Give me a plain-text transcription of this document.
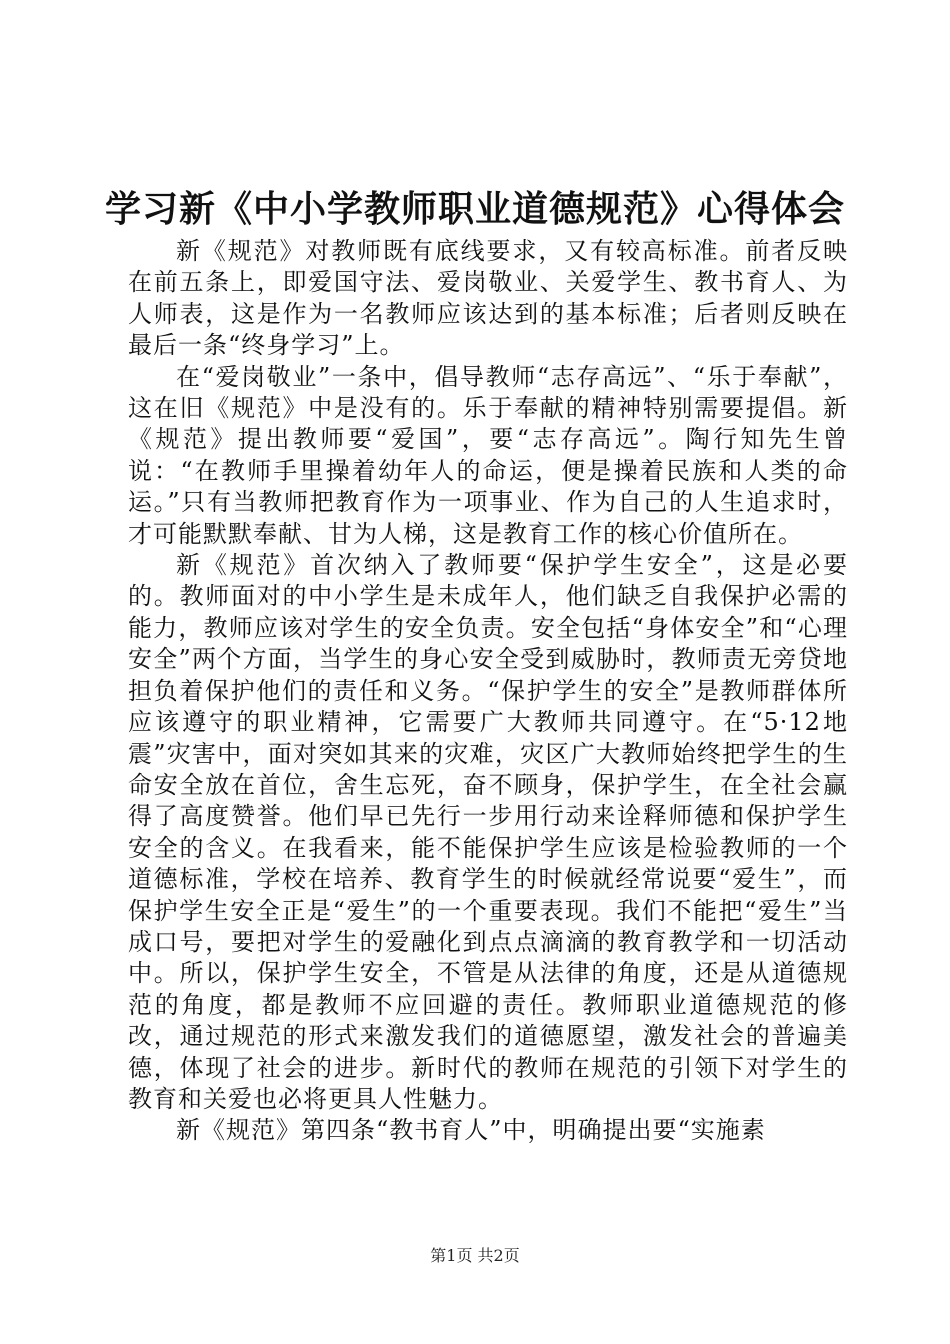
学习新《中小学教师职业道德规范》心得体会

新《规范》对教师既有底线要求，又有较高标准。前者反映在前五条上，即爱国守法、爱岗敬业、关爱学生、教书育人、为人师表，这是作为一名教师应该达到的基本标准；后者则反映在最后一条“终身学习”上。

在“爱岗敬业”一条中，倡导教师“志存高远”、“乐于奉献”，这在旧《规范》中是没有的。乐于奉献的精神特别需要提倡。新《规范》提出教师要“爱国”，要“志存高远”。陶行知先生曾说：“在教师手里操着幼年人的命运，便是操着民族和人类的命运。”只有当教师把教育作为一项事业、作为自己的人生追求时，才可能默默奉献、甘为人梯，这是教育工作的核心价值所在。

新《规范》首次纳入了教师要“保护学生安全”，这是必要的。教师面对的中小学生是未成年人，他们缺乏自我保护必需的能力，教师应该对学生的安全负责。安全包括“身体安全”和“心理安全”两个方面，当学生的身心安全受到威胁时，教师责无旁贷地担负着保护他们的责任和义务。“保护学生的安全”是教师群体所应该遵守的职业精神，它需要广大教师共同遵守。在“5·12地震”灾害中，面对突如其来的灾难，灾区广大教师始终把学生的生命安全放在首位，舍生忘死，奋不顾身，保护学生，在全社会赢得了高度赞誉。他们早已先行一步用行动来诠释师德和保护学生安全的含义。在我看来，能不能保护学生应该是检验教师的一个道德标准，学校在培养、教育学生的时候就经常说要“爱生”，而保护学生安全正是“爱生”的一个重要表现。我们不能把“爱生”当成口号，要把对学生的爱融化到点点滴滴的教育教学和一切活动中。所以，保护学生安全，不管是从法律的角度，还是从道德规范的角度，都是教师不应回避的责任。教师职业道德规范的修改，通过规范的形式来激发我们的道德愿望，激发社会的普遍美德，体现了社会的进步。新时代的教师在规范的引领下对学生的教育和关爱也必将更具人性魅力。

新《规范》第四条“教书育人”中，明确提出要“实施素

第1页 共2页
